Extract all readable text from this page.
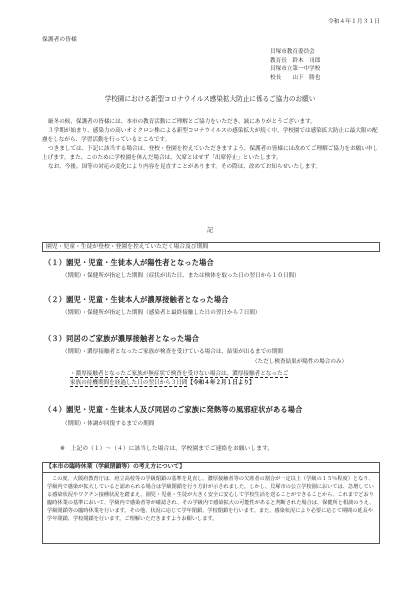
令和４年１月３１日
保護者の皆様
貝塚市教育委員会
教育長　鈴木　司郎
貝塚市立第一中学校
校長　　山下　勝也
学校園における新型コロナウイルス感染拡大防止に係るご協力のお願い

厳冬の候、保護者の皆様には、本市の教育活動にご理解とご協力をいただき、誠にありがとうございます。

３学期が始まり、感染力の高いオミクロン株による新型コロナウイルスの感染拡大が続く中、学校園では感染拡大防止に最大限の配慮をしながら、学習活動を行っているところです。

つきましては、下記に該当する場合は、登校・登園を控えていただきますよう、保護者の皆様には改めてご理解ご協力をお願い申し上げます。また、このために学校園を休んだ場合は、欠席とはせず「出席停止」といたします。

なお、今後、国等の対応の変化により内容を見直すことがあります。その際は、改めてお知らせいたします。

記
園児・児童・生徒が登校・登園を控えていただく場合及び期間
（１）園児・児童・生徒本人が陽性者となった場合
（期間）・保健所が指定した期間（症状が出た日、または検体を取った日の翌日から１０日間）
（２）園児・児童・生徒本人が濃厚接触者となった場合
（期間）・保健所が指定した期間（感染者と最終接触した日の翌日から７日間）
（３）同居のご家族が濃厚接触者となった場合
（期間）・濃厚接触者となったご家族が検査を受けている場合は、結果が出るまでの期間
（ただし検査結果が陽性の場合のみ）
・濃厚接触者となったご家族が無症状で検査を受けない場合は、濃厚接触者となったご
家族の待機期間を経過した日の翌日から３日間【令和４年２月１日より】
（４）園児・児童・生徒本人及び同居のご家族に発熱等の風邪症状がある場合
（期間）・体調が回復するまでの期間
※　上記の（１）～（４）に該当した場合は、学校園までご連絡をお願いします。
【本市の臨時休業（学級閉鎖等）の考え方について】

この度、大阪府教育庁は、府立高校等の学級閉鎖の基準を見直し、濃厚接触者等の欠席者の割合が一定以上（学級の１５％程度）となり、学級内で感染が拡大していると認められる場合は学級閉鎖を行う方針が示されました。しかし、貝塚市の公立学校園においては、急増している感染状況やワクチン接種状況を踏まえ、園児・児童・生徒が大きく安全に安心して学校生活を送ることができることから、これまでどおり臨時休業の基準において、学級内で感染者等が確認され、その学級内で感染拡大の可能性があると判断された場合は、保健所と相談のうえ、学級閉鎖等の臨時休業を行います。その他、状況に応じて学年閉鎖、学校閉鎖を行います。また、感染状況により必要に応じて期間の延長や学年閉鎖、学校閉鎖を行います。ご理解いただきますようお願いします。
